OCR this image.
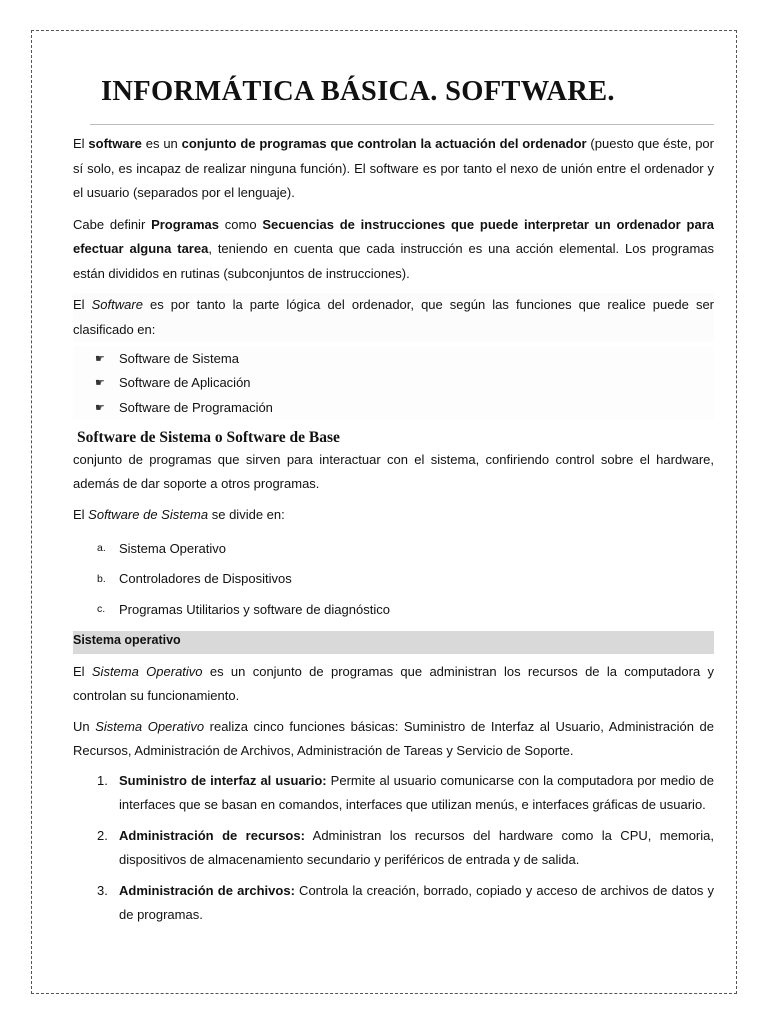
INFORMÁTICA BÁSICA. SOFTWARE.

El software es un conjunto de programas que controlan la actuación del ordenador (puesto que éste, por sí solo, es incapaz de realizar ninguna función). El software es por tanto el nexo de unión entre el ordenador y el usuario (separados por el lenguaje).

Cabe definir Programas como Secuencias de instrucciones que puede interpretar un ordenador para efectuar alguna tarea, teniendo en cuenta que cada instrucción es una acción elemental. Los programas están divididos en rutinas (subconjuntos de instrucciones).

El Software es por tanto la parte lógica del ordenador, que según las funciones que realice puede ser clasificado en:

☛	Software de Sistema
☛	Software de Aplicación
☛	Software de Programación
Software de Sistema o Software de Base

conjunto de programas que sirven para interactuar con el sistema, confiriendo control sobre el hardware, además de dar soporte a otros programas.

El Software de Sistema se divide en:

a.	Sistema Operativo
b.	Controladores de Dispositivos
c.	Programas Utilitarios y software de diagnóstico
Sistema operativo

El Sistema Operativo es un conjunto de programas que administran los recursos de la computadora y controlan su funcionamiento.

Un Sistema Operativo realiza cinco funciones básicas: Suministro de Interfaz al Usuario, Administración de Recursos, Administración de Archivos, Administración de Tareas y Servicio de Soporte.

1. Suministro de interfaz al usuario: Permite al usuario comunicarse con la computadora por medio de interfaces que se basan en comandos, interfaces que utilizan menús, e interfaces gráficas de usuario.
2. Administración de recursos: Administran los recursos del hardware como la CPU, memoria, dispositivos de almacenamiento secundario y periféricos de entrada y de salida.
3. Administración de archivos: Controla la creación, borrado, copiado y acceso de archivos de datos y de programas.
